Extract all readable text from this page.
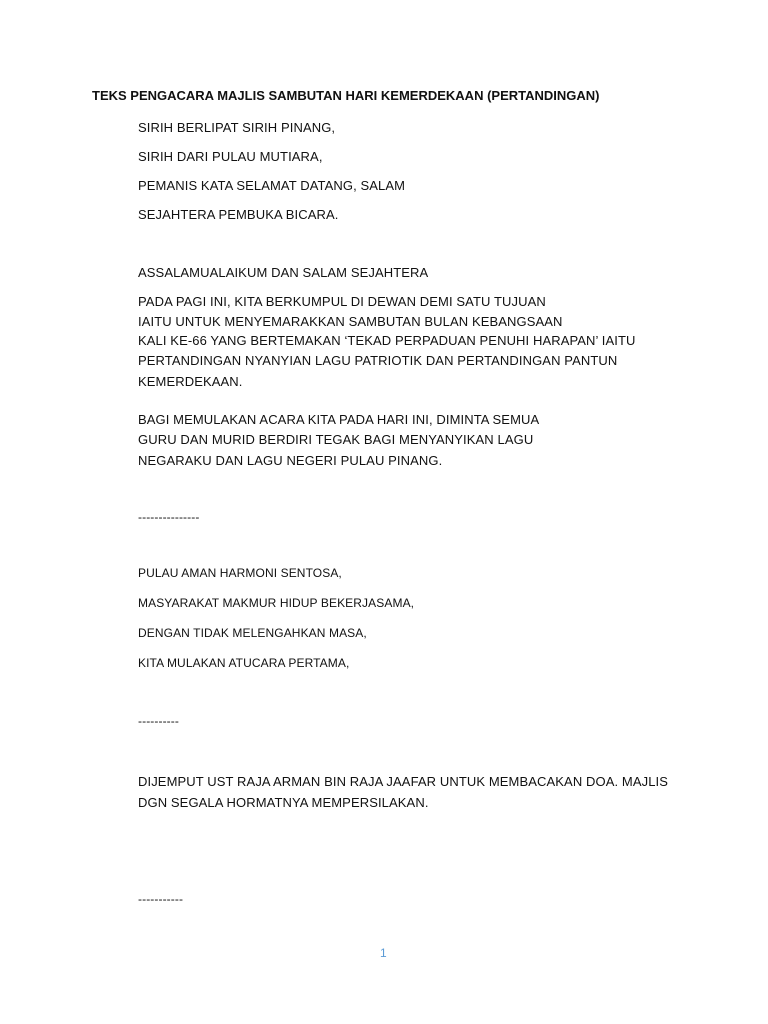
TEKS PENGACARA MAJLIS SAMBUTAN HARI KEMERDEKAAN (PERTANDINGAN)
SIRIH BERLIPAT SIRIH PINANG,
SIRIH DARI PULAU MUTIARA,
PEMANIS KATA SELAMAT DATANG, SALAM
SEJAHTERA PEMBUKA BICARA.
ASSALAMUALAIKUM DAN SALAM SEJAHTERA
PADA PAGI INI, KITA BERKUMPUL DI DEWAN DEMI SATU TUJUAN
IAITU UNTUK MENYEMARAKKAN SAMBUTAN BULAN KEBANGSAAN
KALI KE-66 YANG BERTEMAKAN ‘TEKAD PERPADUAN PENUHI HARAPAN’ IAITU
PERTANDINGAN NYANYIAN LAGU PATRIOTIK DAN PERTANDINGAN PANTUN
KEMERDEKAAN.
BAGI MEMULAKAN ACARA KITA PADA HARI INI, DIMINTA SEMUA
GURU DAN MURID BERDIRI TEGAK BAGI MENYANYIKAN LAGU
NEGARAKU DAN LAGU NEGERI PULAU PINANG.
---------------
PULAU AMAN HARMONI SENTOSA,
MASYARAKAT MAKMUR HIDUP BEKERJASAMA,
DENGAN TIDAK MELENGAHKAN MASA,
KITA MULAKAN ATUCARA PERTAMA,
----------
DIJEMPUT UST RAJA ARMAN BIN RAJA JAAFAR UNTUK MEMBACAKAN DOA. MAJLIS
DGN SEGALA HORMATNYA MEMPERSILAKAN.
-----------
1
